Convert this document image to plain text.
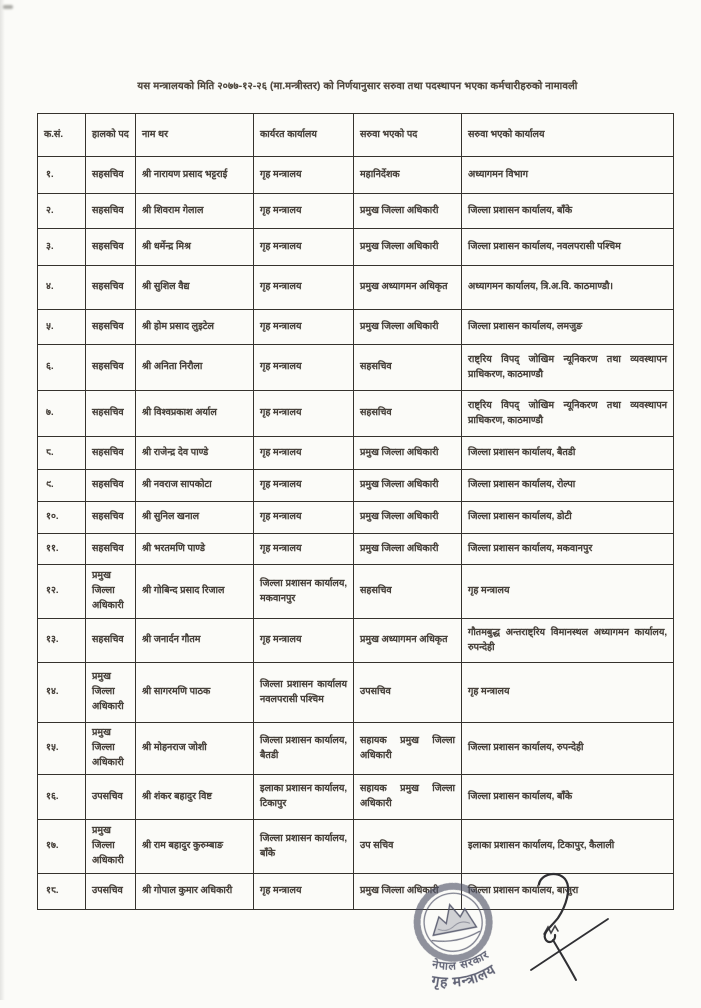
यस मन्त्रालयको मिति २०७७-१२-२६ (मा.मन्त्रीस्तर) को निर्णयानुसार सरुवा तथा पदस्थापन भएका कर्मचारीहरुको नामावली
क.सं.	हालको पद	नाम थर	कार्यरत कार्यालय	सरुवा भएको पद	सरुवा भएको कार्यालय
१.	सहसचिव	श्री नारायण प्रसाद भट्टराई	गृह मन्त्रालय	महानिर्देशक	अध्यागमन विभाग
२.	सहसचिव	श्री शिवराम गेलाल	गृह मन्त्रालय	प्रमुख जिल्ला अधिकारी	जिल्ला प्रशासन कार्यालय, बाँके
३.	सहसचिव	श्री धर्मेन्द्र मिश्र	गृह मन्त्रालय	प्रमुख जिल्ला अधिकारी	जिल्ला प्रशासन कार्यालय, नवलपरासी पश्चिम
४.	सहसचिव	श्री सुशिल वैद्य	गृह मन्त्रालय	प्रमुख अध्यागमन अधिकृत	अध्यागमन कार्यालय, त्रि.अ.वि. काठमाण्डौ।
५.	सहसचिव	श्री होम प्रसाद लुइटेल	गृह मन्त्रालय	प्रमुख जिल्ला अधिकारी	जिल्ला प्रशासन कार्यालय, लमजुङ
६.	सहसचिव	श्री अनिता निरौला	गृह मन्त्रालय	सहसचिव	राष्ट्रिय विपद् जोखिम न्यूनिकरण तथा व्यवस्थापन प्राधिकरण, काठमाण्डौ
७.	सहसचिव	श्री विश्वप्रकाश अर्याल	गृह मन्त्रालय	सहसचिव	राष्ट्रिय विपद् जोखिम न्यूनिकरण तथा व्यवस्थापन प्राधिकरण, काठमाण्डौ
८.	सहसचिव	श्री राजेन्द्र देव पाण्डे	गृह मन्त्रालय	प्रमुख जिल्ला अधिकारी	जिल्ला प्रशासन कार्यालय, बैतडी
९.	सहसचिव	श्री नवराज सापकोटा	गृह मन्त्रालय	प्रमुख जिल्ला अधिकारी	जिल्ला प्रशासन कार्यालय, रोल्पा
१०.	सहसचिव	श्री सुनिल खनाल	गृह मन्त्रालय	प्रमुख जिल्ला अधिकारी	जिल्ला प्रशासन कार्यालय, डोटी
११.	सहसचिव	श्री भरतमणि पाण्डे	गृह मन्त्रालय	प्रमुख जिल्ला अधिकारी	जिल्ला प्रशासन कार्यालय, मकवानपुर
१२.	प्रमुख जिल्ला अधिकारी	श्री गोबिन्द प्रसाद रिजाल	जिल्ला प्रशासन कार्यालय, मकवानपुर	सहसचिव	गृह मन्त्रालय
१३.	सहसचिव	श्री जनार्दन गौतम	गृह मन्त्रालय	प्रमुख अध्यागमन अधिकृत	गौतमबुद्ध अन्तराष्ट्रिय विमानस्थल अध्यागमन कार्यालय, रुपन्देही
१४.	प्रमुख जिल्ला अधिकारी	श्री सागरमणि पाठक	जिल्ला प्रशासन कार्यालय नवलपरासी पश्चिम	उपसचिव	गृह मन्त्रालय
१५.	प्रमुख जिल्ला अधिकारी	श्री मोहनराज जोशी	जिल्ला प्रशासन कार्यालय, बैतडी	सहायक प्रमुख जिल्ला अधिकारी	जिल्ला प्रशासन कार्यालय, रुपन्देही
१६.	उपसचिव	श्री शंकर बहादुर विष्ट	इलाका प्रशासन कार्यालय, टिकापुर	सहायक प्रमुख जिल्ला अधिकारी	जिल्ला प्रशासन कार्यालय, बाँके
१७.	प्रमुख जिल्ला अधिकारी	श्री राम बहादुर कुरुम्बाङ	जिल्ला प्रशासन कार्यालय, बाँके	उप सचिव	इलाका प्रशासन कार्यालय, टिकापुर, कैलाली
१८.	उपसचिव	श्री गोपाल कुमार अधिकारी	गृह मन्त्रालय	प्रमुख जिल्ला अधिकारी	जिल्ला प्रशासन कार्यालय, बाजुरा
नेपाल सरकार
गृह मन्त्रालय
